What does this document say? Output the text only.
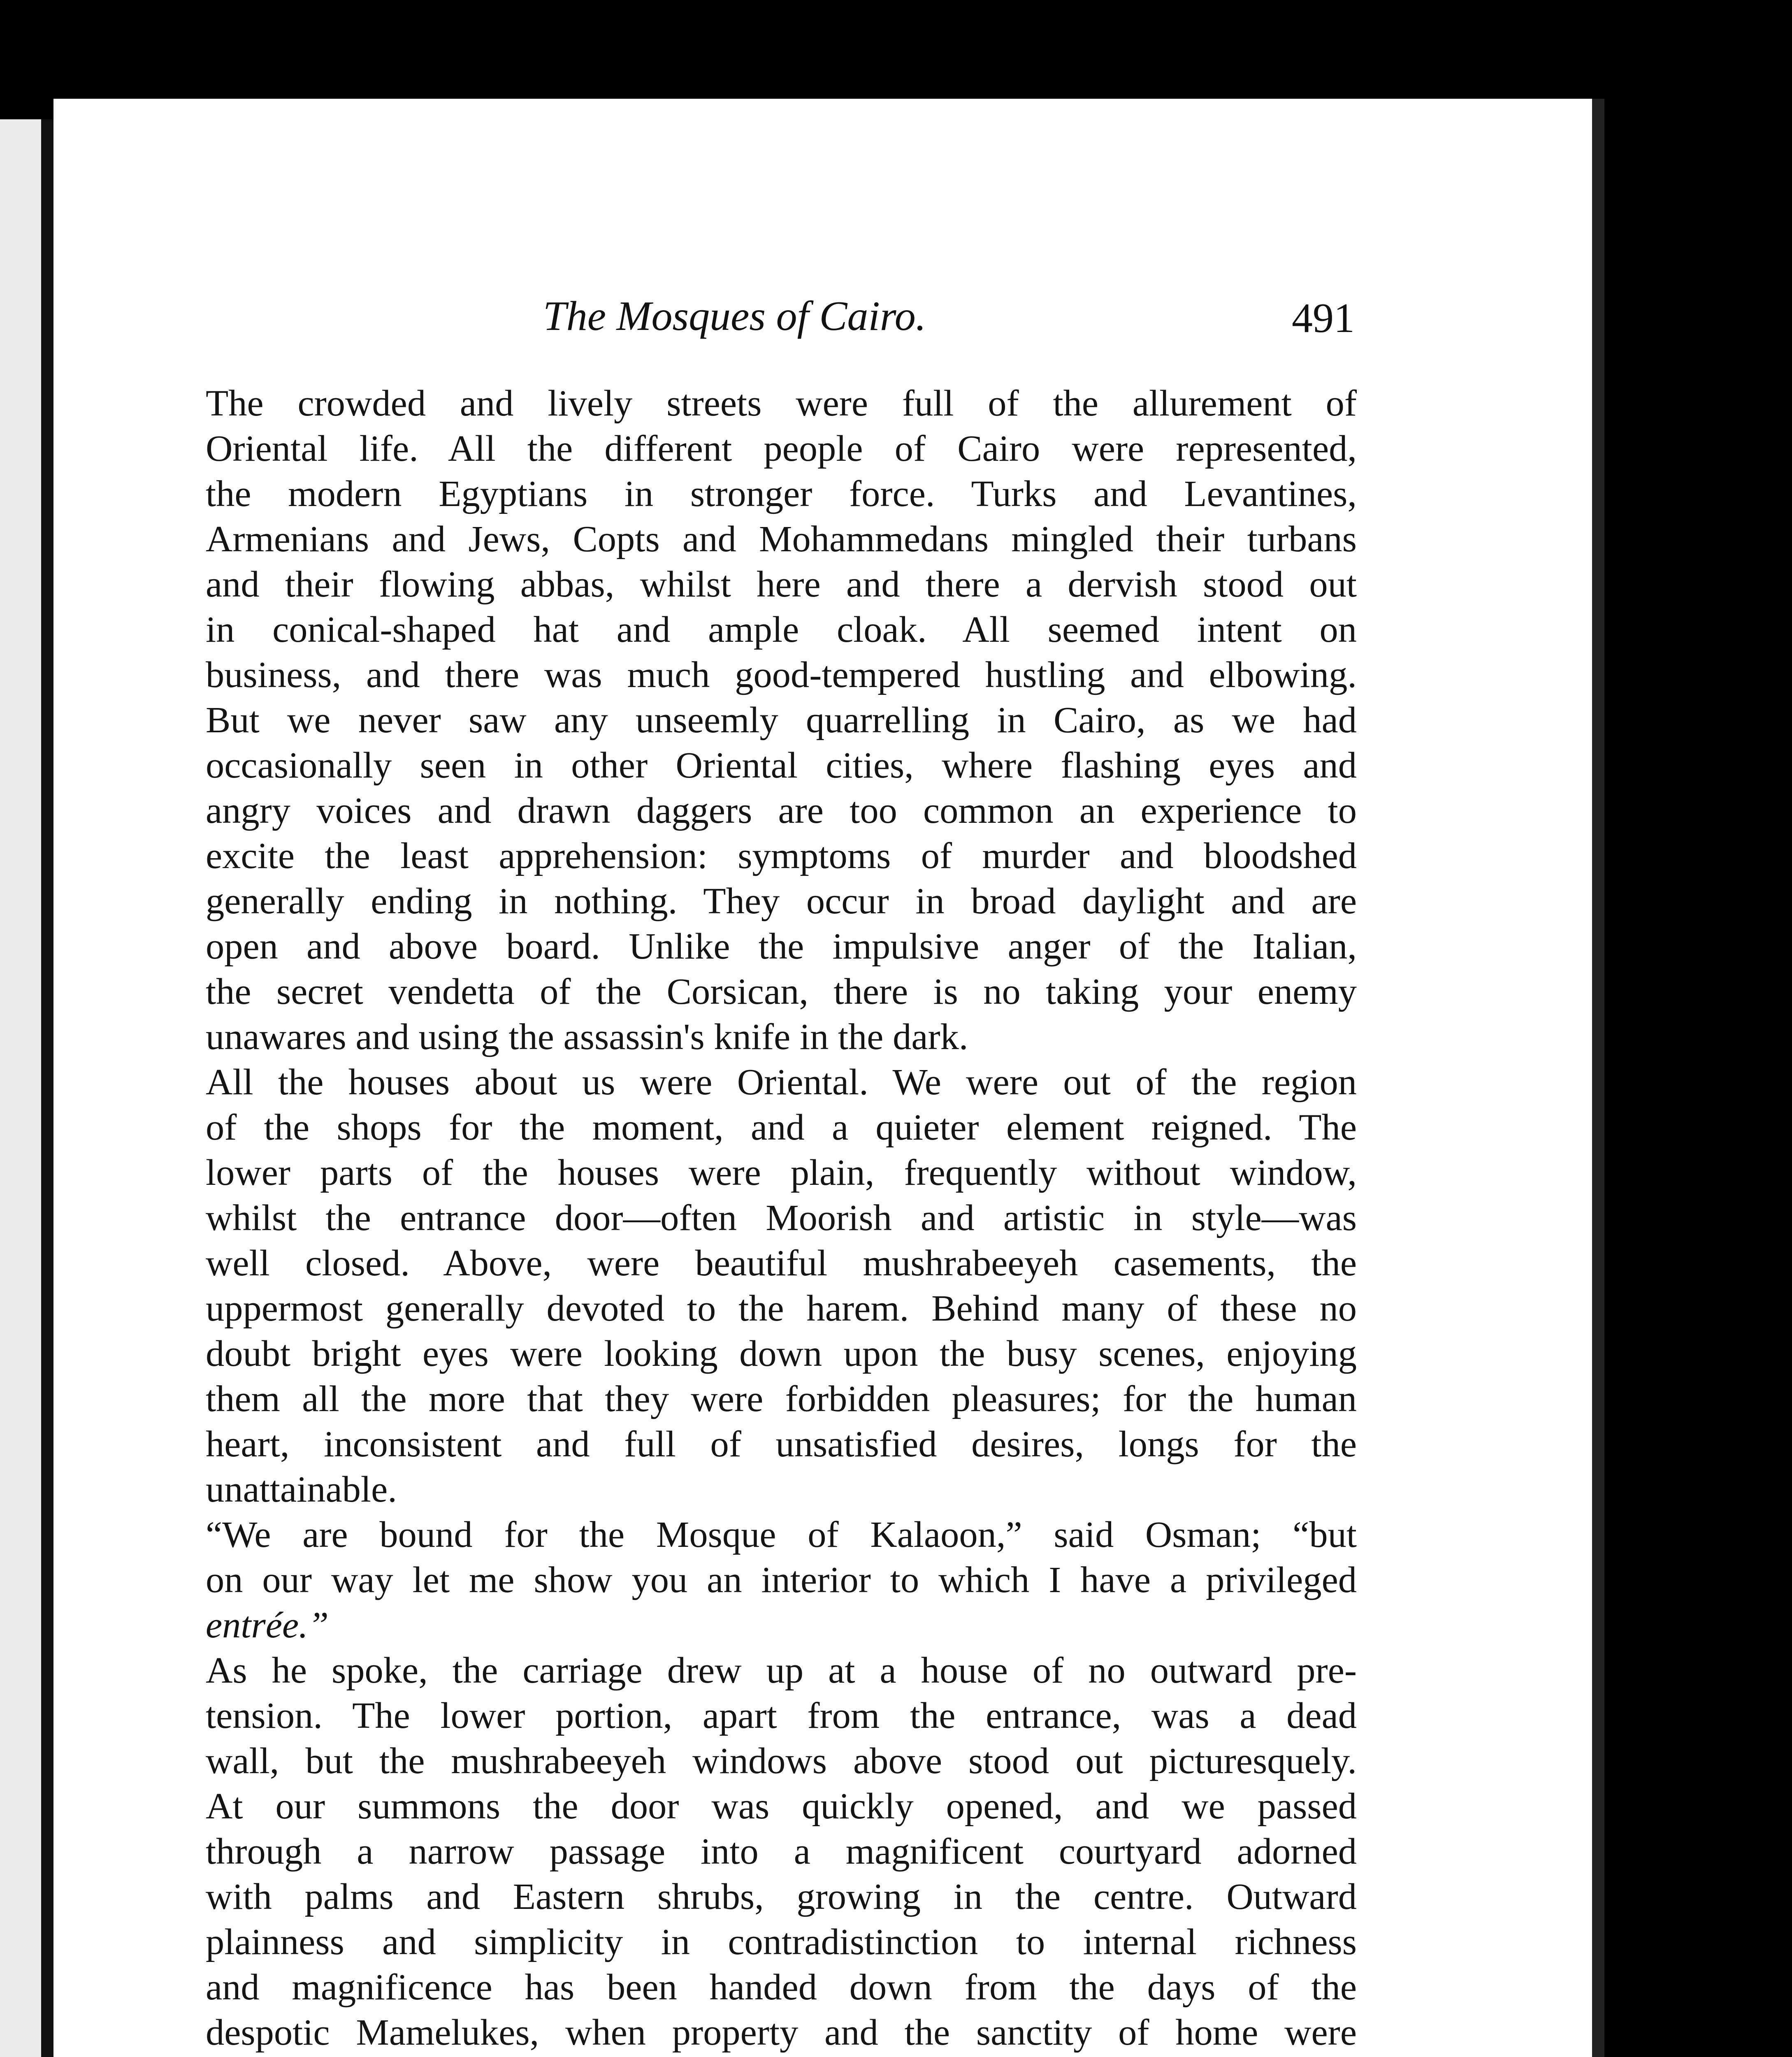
The Mosques of Cairo.	491

The crowded and lively streets were full of the allurement of
Oriental life. All the different people of Cairo were represented,
the modern Egyptians in stronger force. Turks and Levantines,
Armenians and Jews, Copts and Mohammedans mingled their turbans
and their flowing abbas, whilst here and there a dervish stood out
in conical-shaped hat and ample cloak. All seemed intent on
business, and there was much good-tempered hustling and elbowing.
But we never saw any unseemly quarrelling in Cairo, as we had
occasionally seen in other Oriental cities, where flashing eyes and
angry voices and drawn daggers are too common an experience to
excite the least apprehension: symptoms of murder and bloodshed
generally ending in nothing. They occur in broad daylight and are
open and above board. Unlike the impulsive anger of the Italian,
the secret vendetta of the Corsican, there is no taking your enemy
unawares and using the assassin's knife in the dark.

All the houses about us were Oriental. We were out of the region
of the shops for the moment, and a quieter element reigned. The
lower parts of the houses were plain, frequently without window,
whilst the entrance door—often Moorish and artistic in style—was
well closed. Above, were beautiful mushrabeeyeh casements, the
uppermost generally devoted to the harem. Behind many of these no
doubt bright eyes were looking down upon the busy scenes, enjoying
them all the more that they were forbidden pleasures; for the human
heart, inconsistent and full of unsatisfied desires, longs for the
unattainable.

“We are bound for the Mosque of Kalaoon,” said Osman; “but
on our way let me show you an interior to which I have a privileged
entrée.”

As he spoke, the carriage drew up at a house of no outward pre-
tension. The lower portion, apart from the entrance, was a dead
wall, but the mushrabeeyeh windows above stood out picturesquely.
At our summons the door was quickly opened, and we passed
through a narrow passage into a magnificent courtyard adorned
with palms and Eastern shrubs, growing in the centre. Outward
plainness and simplicity in contradistinction to internal richness
and magnificence has been handed down from the days of the
despotic Mamelukes, when property and the sanctity of home were
